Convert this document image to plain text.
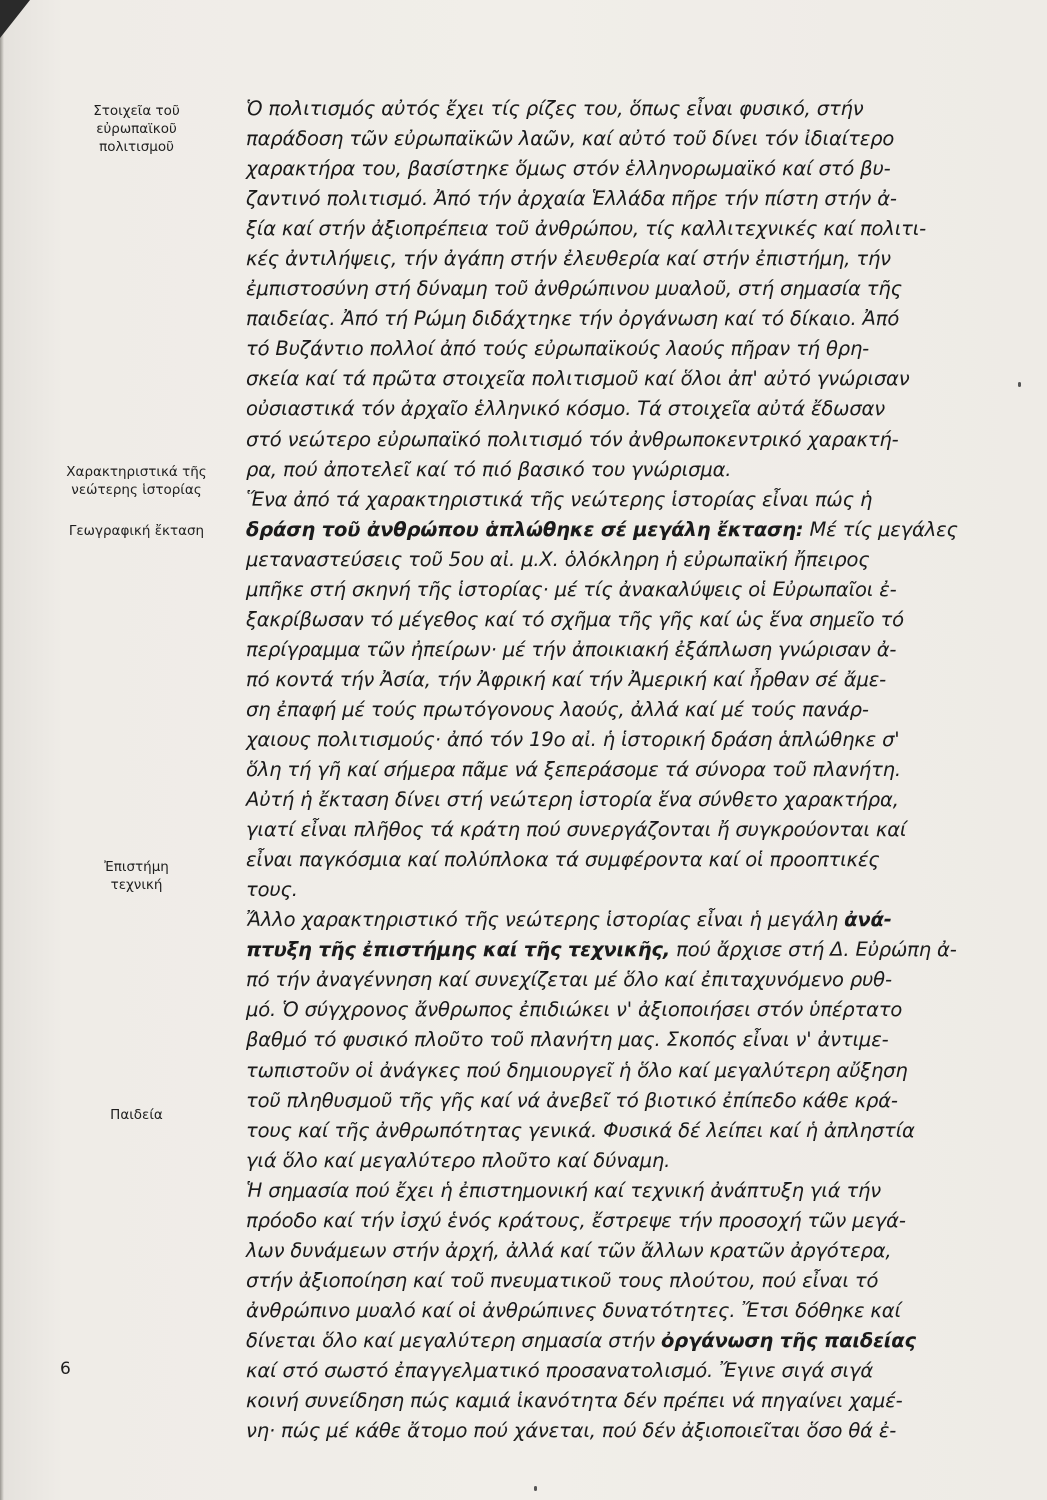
Στοιχεῖα τοῦ
εὐρωπαϊκοῦ
πολιτισμοῦ
Χαρακτηριστικά τῆς
νεώτερης ἱστορίας
Γεωγραφική ἔκταση
Ἐπιστήμη
τεχνική
Παιδεία
6
Ὁ πολιτισμός αὐτός ἔχει τίς ρίζες του, ὅπως εἶναι φυσικό, στήν
παράδοση τῶν εὐρωπαϊκῶν λαῶν, καί αὐτό τοῦ δίνει τόν ἰδιαίτερο
χαρακτήρα του, βασίστηκε ὅμως στόν ἑλληνορωμαϊκό καί στό βυ-
ζαντινό πολιτισμό. Ἀπό τήν ἀρχαία Ἑλλάδα πῆρε τήν πίστη στήν ἀ-
ξία καί στήν ἀξιοπρέπεια τοῦ ἀνθρώπου, τίς καλλιτεχνικές καί πολιτι-
κές ἀντιλήψεις, τήν ἀγάπη στήν ἐλευθερία καί στήν ἐπιστήμη, τήν
ἐμπιστοσύνη στή δύναμη τοῦ ἀνθρώπινου μυαλοῦ, στή σημασία τῆς
παιδείας. Ἀπό τή Ρώμη διδάχτηκε τήν ὀργάνωση καί τό δίκαιο. Ἀπό
τό Βυζάντιο πολλοί ἀπό τούς εὐρωπαϊκούς λαούς πῆραν τή θρη-
σκεία καί τά πρῶτα στοιχεῖα πολιτισμοῦ καί ὅλοι ἀπ' αὐτό γνώρισαν
οὐσιαστικά τόν ἀρχαῖο ἑλληνικό κόσμο. Τά στοιχεῖα αὐτά ἔδωσαν
στό νεώτερο εὐρωπαϊκό πολιτισμό τόν ἀνθρωποκεντρικό χαρακτή-
ρα, πού ἀποτελεῖ καί τό πιό βασικό του γνώρισμα.
Ἕνα ἀπό τά χαρακτηριστικά τῆς νεώτερης ἱστορίας εἶναι πώς ἡ
δράση τοῦ ἀνθρώπου ἁπλώθηκε σέ μεγάλη ἔκταση: Μέ τίς μεγάλες
μεταναστεύσεις τοῦ 5ου αἰ. μ.Χ. ὁλόκληρη ἡ εὐρωπαϊκή ἤπειρος
μπῆκε στή σκηνή τῆς ἱστορίας· μέ τίς ἀνακαλύψεις οἱ Εὐρωπαῖοι ἐ-
ξακρίβωσαν τό μέγεθος καί τό σχῆμα τῆς γῆς καί ὡς ἕνα σημεῖο τό
περίγραμμα τῶν ἠπείρων· μέ τήν ἀποικιακή ἐξάπλωση γνώρισαν ἀ-
πό κοντά τήν Ἀσία, τήν Ἀφρική καί τήν Ἀμερική καί ἦρθαν σέ ἄμε-
ση ἐπαφή μέ τούς πρωτόγονους λαούς, ἀλλά καί μέ τούς πανάρ-
χαιους πολιτισμούς· ἀπό τόν 19ο αἰ. ἡ ἱστορική δράση ἁπλώθηκε σ'
ὅλη τή γῆ καί σήμερα πᾶμε νά ξεπεράσομε τά σύνορα τοῦ πλανήτη.
Αὐτή ἡ ἔκταση δίνει στή νεώτερη ἱστορία ἕνα σύνθετο χαρακτήρα,
γιατί εἶναι πλῆθος τά κράτη πού συνεργάζονται ἤ συγκρούονται καί
εἶναι παγκόσμια καί πολύπλοκα τά συμφέροντα καί οἱ προοπτικές
τους.
Ἄλλο χαρακτηριστικό τῆς νεώτερης ἱστορίας εἶναι ἡ μεγάλη ἀνά-
πτυξη τῆς ἐπιστήμης καί τῆς τεχνικῆς, πού ἄρχισε στή Δ. Εὐρώπη ἀ-
πό τήν ἀναγέννηση καί συνεχίζεται μέ ὅλο καί ἐπιταχυνόμενο ρυθ-
μό. Ὁ σύγχρονος ἄνθρωπος ἐπιδιώκει ν' ἀξιοποιήσει στόν ὑπέρτατο
βαθμό τό φυσικό πλοῦτο τοῦ πλανήτη μας. Σκοπός εἶναι ν' ἀντιμε-
τωπιστοῦν οἱ ἀνάγκες πού δημιουργεῖ ἡ ὅλο καί μεγαλύτερη αὔξηση
τοῦ πληθυσμοῦ τῆς γῆς καί νά ἀνεβεῖ τό βιοτικό ἐπίπεδο κάθε κρά-
τους καί τῆς ἀνθρωπότητας γενικά. Φυσικά δέ λείπει καί ἡ ἀπληστία
γιά ὅλο καί μεγαλύτερο πλοῦτο καί δύναμη.
Ἡ σημασία πού ἔχει ἡ ἐπιστημονική καί τεχνική ἀνάπτυξη γιά τήν
πρόοδο καί τήν ἰσχύ ἑνός κράτους, ἔστρεψε τήν προσοχή τῶν μεγά-
λων δυνάμεων στήν ἀρχή, ἀλλά καί τῶν ἄλλων κρατῶν ἀργότερα,
στήν ἀξιοποίηση καί τοῦ πνευματικοῦ τους πλούτου, πού εἶναι τό
ἀνθρώπινο μυαλό καί οἱ ἀνθρώπινες δυνατότητες. Ἔτσι δόθηκε καί
δίνεται ὅλο καί μεγαλύτερη σημασία στήν ὀργάνωση τῆς παιδείας
καί στό σωστό ἐπαγγελματικό προσανατολισμό. Ἔγινε σιγά σιγά
κοινή συνείδηση πώς καμιά ἱκανότητα δέν πρέπει νά πηγαίνει χαμέ-
νη· πώς μέ κάθε ἄτομο πού χάνεται, πού δέν ἀξιοποιεῖται ὅσο θά ἐ-
